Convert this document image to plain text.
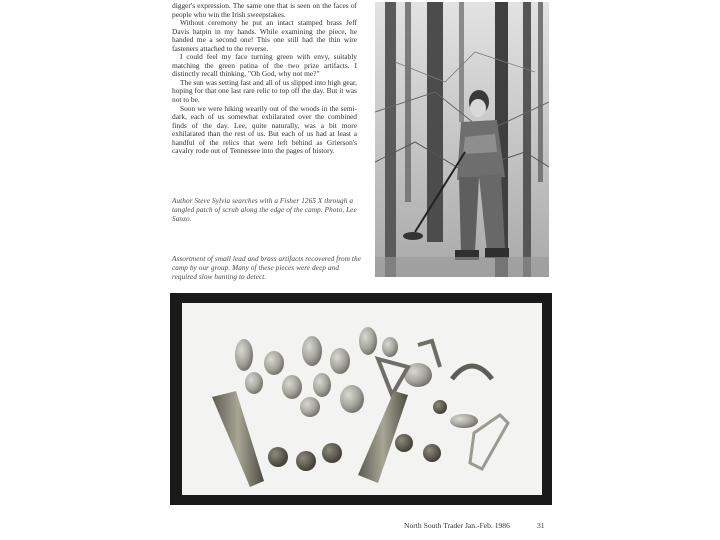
digger's expression. The same one that is seen on the faces of people who win the Irish sweepstakes.

Without ceremony he put an intact stamped brass Jeff Davis hatpin in my hands. While examining the piece, he handed me a second one! This one still had the thin wire fasteners attached to the reverse.

I could feel my face turning green with envy, suitably matching the green patina of the two prize artifacts. I distinctly recall thinking, "Oh God, why not me?"

The sun was setting fast and all of us slipped into high gear, hoping for that one last rare relic to top off the day. But it was not to be.

Soon we were hiking wearily out of the woods in the semi-dark, each of us somewhat exhilarated over the combined finds of the day. Lee, quite naturally, was a bit more exhilarated than the rest of us. But each of us had at least a handful of the relics that were left behind as Grierson's cavalry rode out of Tennessee into the pages of history.

Author Steve Sylvia searches with a Fisher 1265 X through a tangled patch of scrub along the edge of the camp. Photo, Lee Sanzo.
Assortment of small lead and brass artifacts recovered from the camp by our group. Many of these pieces were deep and required slow hunting to detect.
North South Trader Jan.-Feb. 1986	31
